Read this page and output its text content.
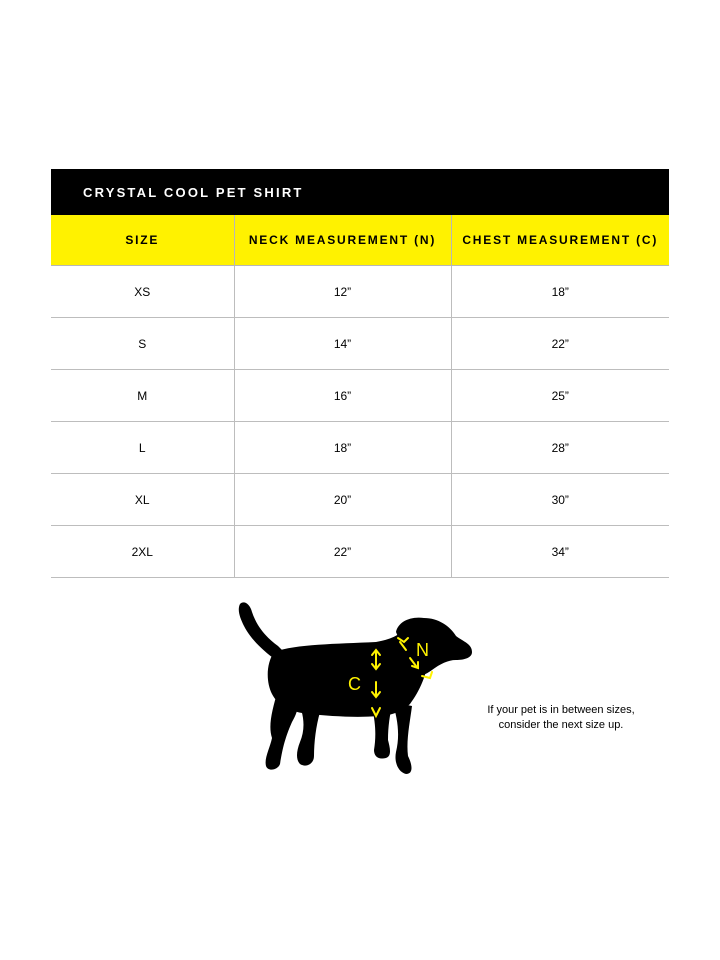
CRYSTAL COOL PET SHIRT
SIZE	NECK MEASUREMENT (N)	CHEST MEASUREMENT (C)
XS	12”	18”
S	14”	22”
M	16”	25”
L	18”	28”
XL	20”	30”
2XL	22”	34”
N
C
If your pet is in between sizes,
consider the next size up.
